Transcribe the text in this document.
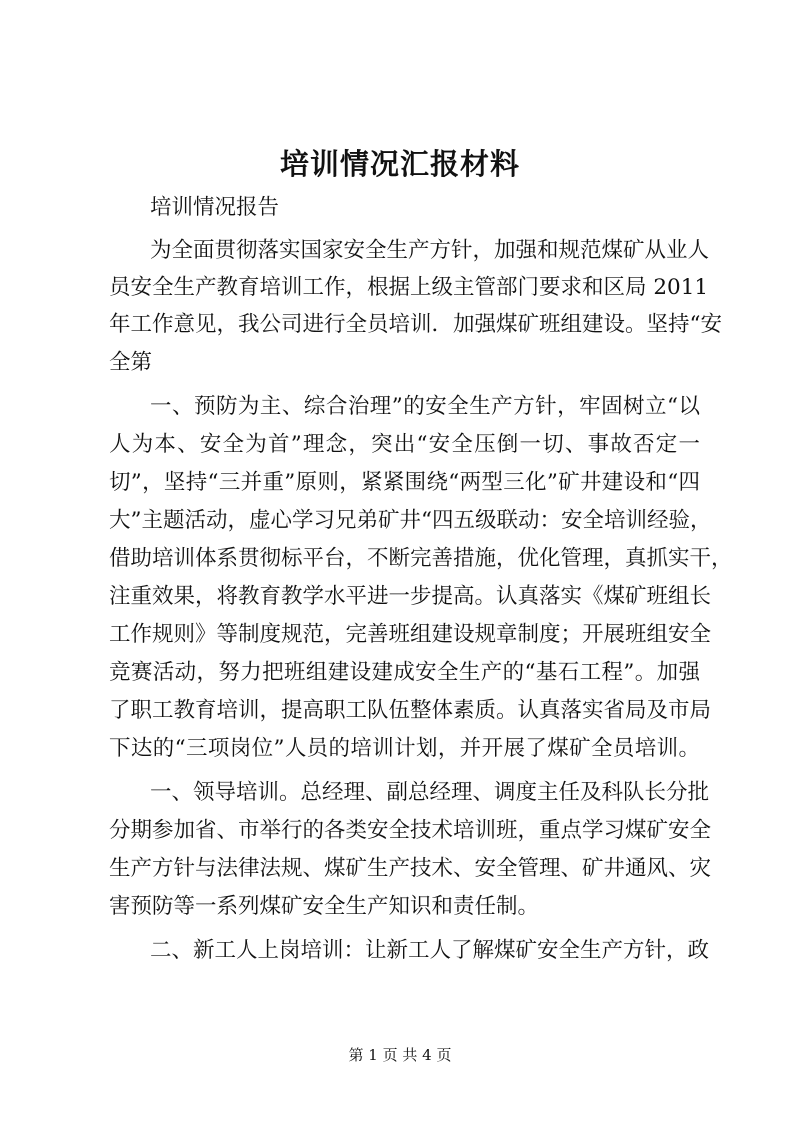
培训情况汇报材料
培训情况报告
为全面贯彻落实国家安全生产方针，加强和规范煤矿从业人
员安全生产教育培训工作，根据上级主管部门要求和区局 2011
年工作意见，我公司进行全员培训．加强煤矿班组建设。坚持“安
全第
一、预防为主、综合治理”的安全生产方针，牢固树立“以
人为本、安全为首”理念，突出“安全压倒一切、事故否定一
切”，坚持“三并重”原则，紧紧围绕“两型三化”矿井建设和“四
大”主题活动，虚心学习兄弟矿井“四五级联动：安全培训经验，
借助培训体系贯彻标平台，不断完善措施，优化管理，真抓实干，
注重效果，将教育教学水平进一步提高。认真落实《煤矿班组长
工作规则》等制度规范，完善班组建设规章制度；开展班组安全
竞赛活动，努力把班组建设建成安全生产的“基石工程”。加强
了职工教育培训，提高职工队伍整体素质。认真落实省局及市局
下达的“三项岗位”人员的培训计划，并开展了煤矿全员培训。
一、领导培训。总经理、副总经理、调度主任及科队长分批
分期参加省、市举行的各类安全技术培训班，重点学习煤矿安全
生产方针与法律法规、煤矿生产技术、安全管理、矿井通风、灾
害预防等一系列煤矿安全生产知识和责任制。
二、新工人上岗培训：让新工人了解煤矿安全生产方针，政
第 1 页 共 4 页
